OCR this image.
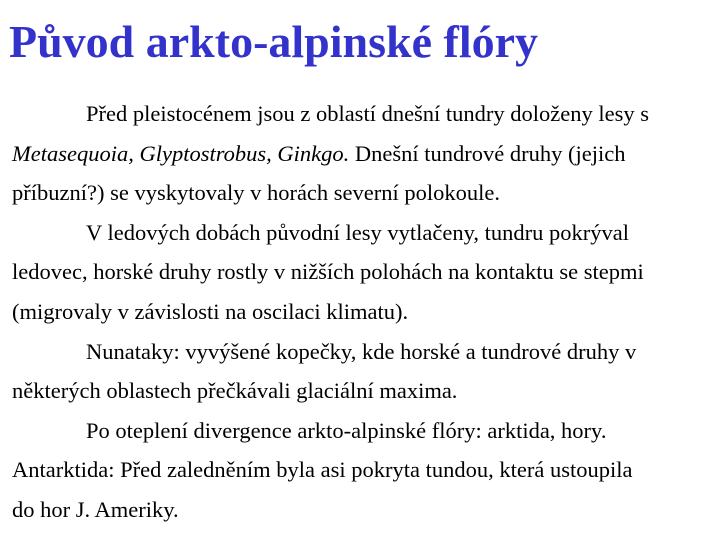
Původ arkto-alpinské flóry

Před pleistocénem jsou z oblastí dnešní tundry doloženy lesy s
Metasequoia, Glyptostrobus, Ginkgo. Dnešní tundrové druhy (jejich
příbuzní?) se vyskytovaly v horách severní polokoule.

V ledových dobách původní lesy vytlačeny, tundru pokrýval
ledovec, horské druhy rostly v nižších polohách na kontaktu se stepmi
(migrovaly v závislosti na oscilaci klimatu).

Nunataky: vyvýšené kopečky, kde horské a tundrové druhy v
některých oblastech přečkávali glaciální maxima.

Po oteplení divergence arkto-alpinské flóry: arktida, hory.
Antarktida: Před zaledněním byla asi pokryta tundou, která ustoupila
do hor J. Ameriky.
